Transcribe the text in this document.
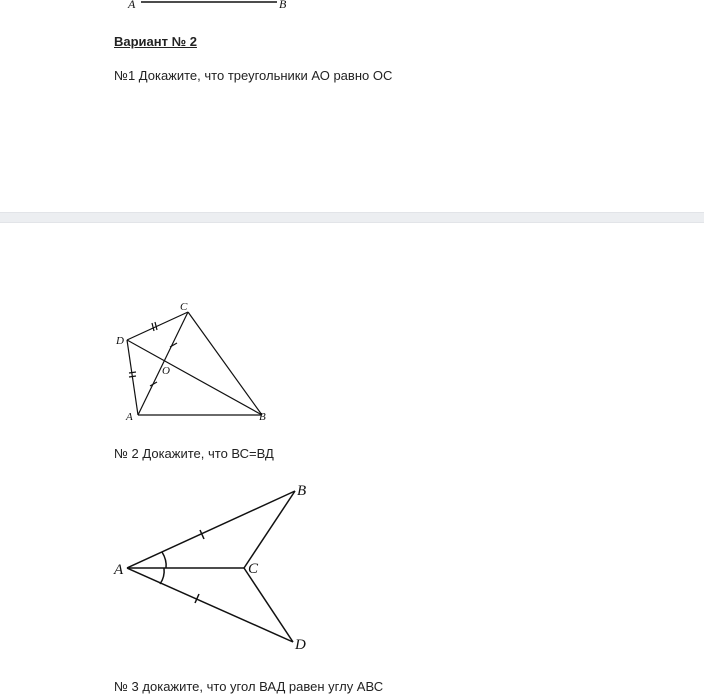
A	B
Вариант № 2
№1 Докажите, что треугольники АО равно ОС
C
D
O
A	B
№ 2 Докажите, что ВС=ВД
A
B
C
D
№ 3 докажите, что угол ВАД равен углу АВС
